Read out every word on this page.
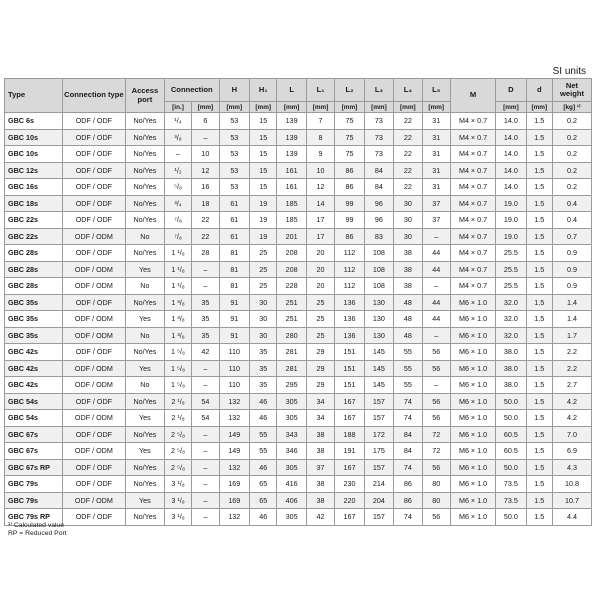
SI units
Type	Connection type	Access port	Connection		H	H₁	L	L₁	L₂	L₃	L₄	L₅	M	D	d	Net weight
			[in.]	[mm]	[mm]	[mm]	[mm]	[mm]	[mm]	[mm]	[mm]	[mm]		[mm]	[mm]	[kg] ¹⁾
GBC 6s	ODF / ODF	No/Yes	¹/₄	6	53	15	139	7	75	73	22	31	M4 × 0.7	14.0	1.5	0.2
GBC 10s	ODF / ODF	No/Yes	³/₈	–	53	15	139	8	75	73	22	31	M4 × 0.7	14.0	1.5	0.2
GBC 10s	ODF / ODF	No/Yes	–	10	53	15	139	9	75	73	22	31	M4 × 0.7	14.0	1.5	0.2
GBC 12s	ODF / ODF	No/Yes	¹/₂	12	53	15	161	10	86	84	22	31	M4 × 0.7	14.0	1.5	0.2
GBC 16s	ODF / ODF	No/Yes	⁵/₈	16	53	15	161	12	86	84	22	31	M4 × 0.7	14.0	1.5	0.2
GBC 18s	ODF / ODF	No/Yes	³/₄	18	61	19	185	14	99	96	30	37	M4 × 0.7	19.0	1.5	0.4
GBC 22s	ODF / ODF	No/Yes	⁷/₈	22	61	19	185	17	99	96	30	37	M4 × 0.7	19.0	1.5	0.4
GBC 22s	ODF / ODM	No	⁷/₈	22	61	19	201	17	86	83	30	–	M4 × 0.7	19.0	1.5	0.7
GBC 28s	ODF / ODF	No/Yes	1 ¹/₈	28	81	25	208	20	112	108	38	44	M4 × 0.7	25.5	1.5	0.9
GBC 28s	ODF / ODM	Yes	1 ¹/₈	–	81	25	208	20	112	108	38	44	M4 × 0.7	25.5	1.5	0.9
GBC 28s	ODF / ODM	No	1 ¹/₈	–	81	25	228	20	112	108	38	–	M4 × 0.7	25.5	1.5	0.9
GBC 35s	ODF / ODF	No/Yes	1 ³/₈	35	91	30	251	25	136	130	48	44	M6 × 1.0	32.0	1.5	1.4
GBC 35s	ODF / ODM	Yes	1 ³/₈	35	91	30	251	25	136	130	48	44	M6 × 1.0	32.0	1.5	1.4
GBC 35s	ODF / ODM	No	1 ³/₈	35	91	30	280	25	136	130	48	–	M6 × 1.0	32.0	1.5	1.7
GBC 42s	ODF / ODF	No/Yes	1 ⁵/₈	42	110	35	281	29	151	145	55	56	M6 × 1.0	38.0	1.5	2.2
GBC 42s	ODF / ODM	Yes	1 ⁵/₈	–	110	35	281	29	151	145	55	56	M6 × 1.0	38.0	1.5	2.2
GBC 42s	ODF / ODM	No	1 ⁵/₈	–	110	35	295	29	151	145	55	–	M6 × 1.0	38.0	1.5	2.7
GBC 54s	ODF / ODF	No/Yes	2 ¹/₈	54	132	46	305	34	167	157	74	56	M6 × 1.0	50.0	1.5	4.2
GBC 54s	ODF / ODM	Yes	2 ¹/₈	54	132	46	305	34	167	157	74	56	M6 × 1.0	50.0	1.5	4.2
GBC 67s	ODF / ODF	No/Yes	2 ⁵/₈	–	149	55	343	38	188	172	84	72	M6 × 1.0	60.5	1.5	7.0
GBC 67s	ODF / ODM	Yes	2 ⁵/₈	–	149	55	346	38	191	175	84	72	M6 × 1.0	60.5	1.5	6.9
GBC 67s RP	ODF / ODF	No/Yes	2 ⁵/₈	–	132	46	305	37	167	157	74	56	M6 × 1.0	50.0	1.5	4.3
GBC 79s	ODF / ODF	No/Yes	3 ¹/₈	–	169	65	416	38	230	214	86	80	M6 × 1.0	73.5	1.5	10.8
GBC 79s	ODF / ODM	Yes	3 ¹/₈	–	169	65	406	38	220	204	86	80	M6 × 1.0	73.5	1.5	10.7
GBC 79s RP	ODF / ODF	No/Yes	3 ¹/₈	–	132	46	305	42	167	157	74	56	M6 × 1.0	50.0	1.5	4.4
¹⁾ Calculated value
RP = Reduced Port
